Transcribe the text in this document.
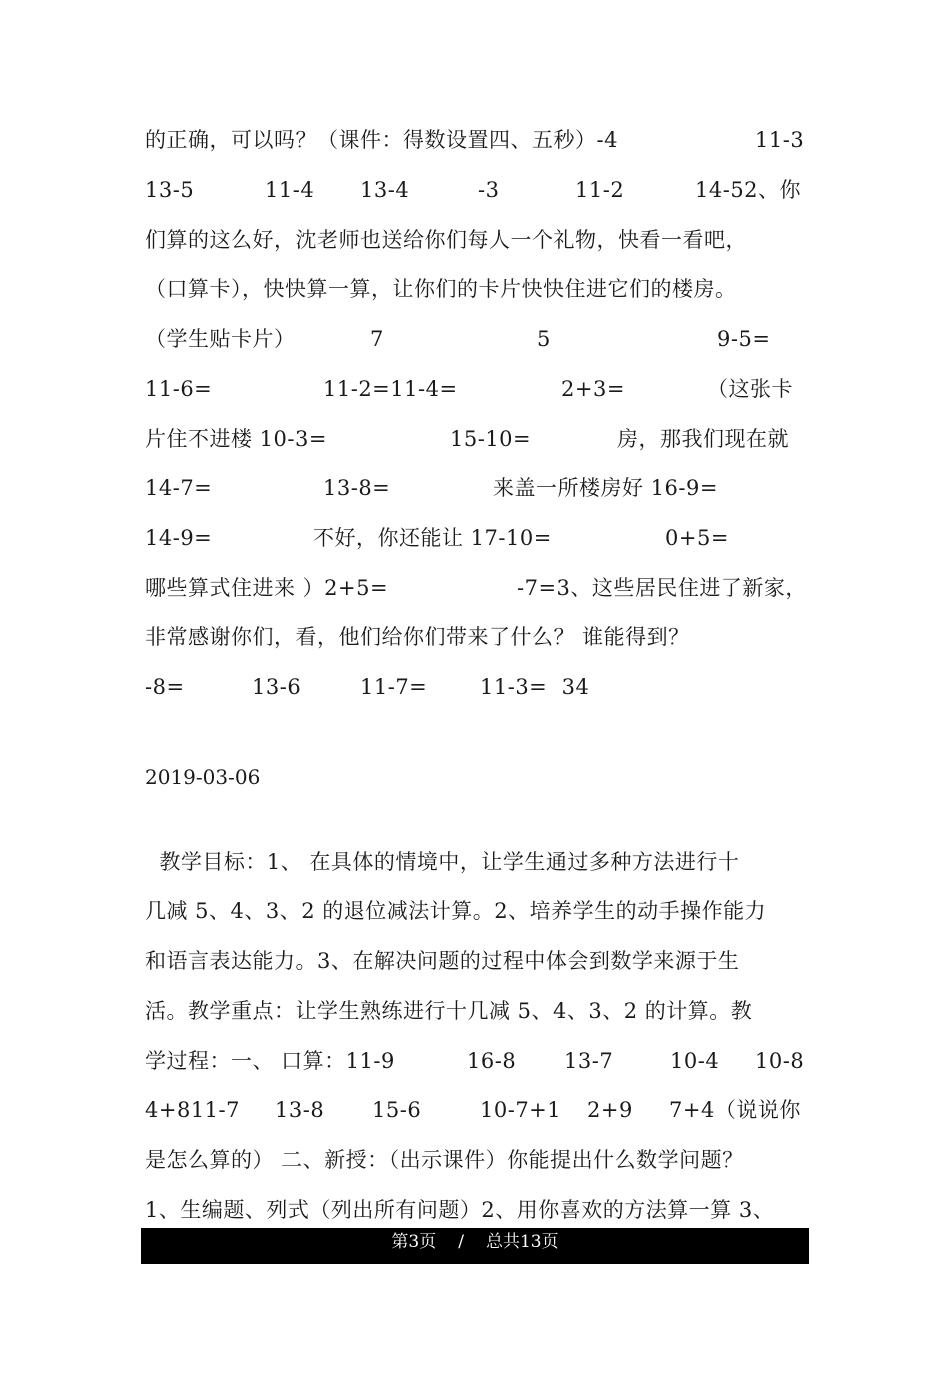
的正确，可以吗？（课件：得数设置四、五秒）-4

	11-3

13-5

	11-4

13-4

	-3

	11-2

	14-52、你

们算的这么好，沈老师也送给你们每人一个礼物，快看一看吧，

（口算卡），快快算一算，让你们的卡片快快住进它们的楼房。

（学生贴卡片）

	7

	5

	9-5=

11-6=

	11-2=11-4=

	2+3=

	（这张卡

片住不进楼 10-3=

	15-10=

	房，那我们现在就

14-7=

	13-8=

	来盖一所楼房好 16-9=

14-9=

	不好，你还能让 17-10=

	0+5=

哪些算式住进来 ）2+5=

	-7=3、这些居民住进了新家，

非常感谢你们，看，他们给你们带来了什么？ 谁能得到？

-8=

	13-6

	11-7=

	11-3=  34

2019-03-06

教学目标：1、 在具体的情境中，让学生通过多种方法进行十

几减 5、4、3、2 的退位减法计算。2、培养学生的动手操作能力

和语言表达能力。3、在解决问题的过程中体会到数学来源于生

活。教学重点：让学生熟练进行十几减 5、4、3、2 的计算。教

学过程：一、 口算：11-9

	16-8

13-7

	10-4

10-8

4+811-7

13-8

15-6

	10-7+1

2+9

7+4（说说你

是怎么算的） 二、新授：（出示课件）你能提出什么数学问题？

1、生编题、列式（列出所有问题）2、用你喜欢的方法算一算 3、

第3页 / 总共13页
